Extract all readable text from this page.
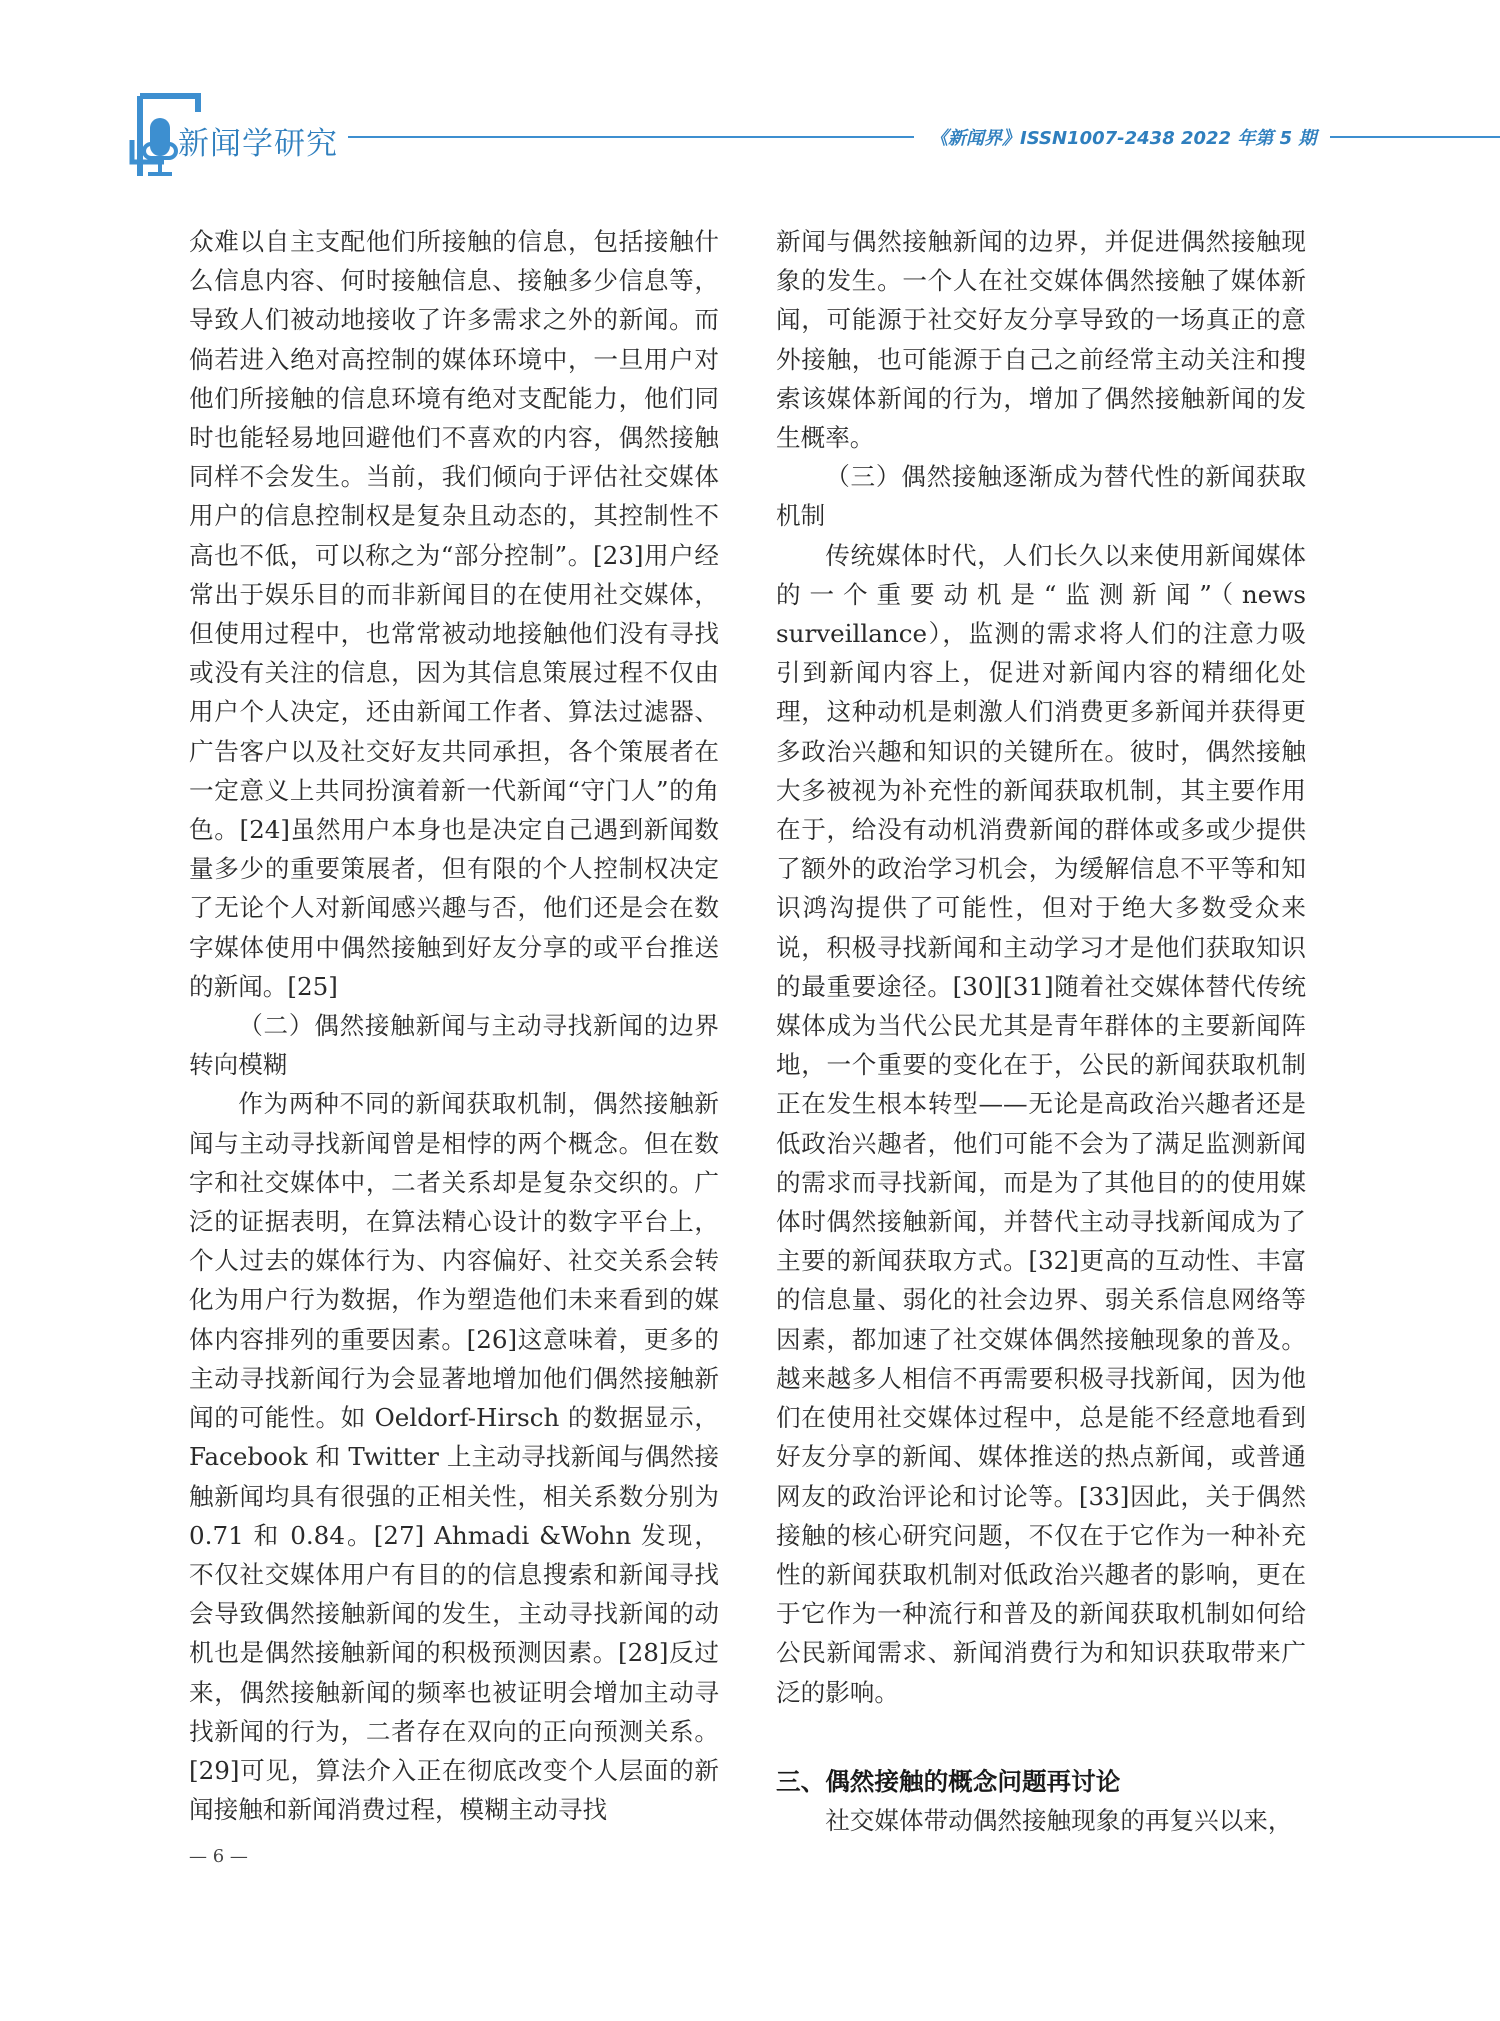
新闻学研究	《新闻界》ISSN1007-2438 2022 年第 5 期

众难以自主支配他们所接触的信息，包括接触什么信息内容、何时接触信息、接触多少信息等，导致人们被动地接收了许多需求之外的新闻。而倘若进入绝对高控制的媒体环境中，一旦用户对他们所接触的信息环境有绝对支配能力，他们同时也能轻易地回避他们不喜欢的内容，偶然接触同样不会发生。当前，我们倾向于评估社交媒体用户的信息控制权是复杂且动态的，其控制性不高也不低，可以称之为“部分控制”。[23]用户经常出于娱乐目的而非新闻目的在使用社交媒体，但使用过程中，也常常被动地接触他们没有寻找或没有关注的信息，因为其信息策展过程不仅由用户个人决定，还由新闻工作者、算法过滤器、广告客户以及社交好友共同承担，各个策展者在一定意义上共同扮演着新一代新闻“守门人”的角色。[24]虽然用户本身也是决定自己遇到新闻数量多少的重要策展者，但有限的个人控制权决定了无论个人对新闻感兴趣与否，他们还是会在数字媒体使用中偶然接触到好友分享的或平台推送的新闻。[25]

（二）偶然接触新闻与主动寻找新闻的边界转向模糊

作为两种不同的新闻获取机制，偶然接触新闻与主动寻找新闻曾是相悖的两个概念。但在数字和社交媒体中，二者关系却是复杂交织的。广泛的证据表明，在算法精心设计的数字平台上，个人过去的媒体行为、内容偏好、社交关系会转化为用户行为数据，作为塑造他们未来看到的媒体内容排列的重要因素。[26]这意味着，更多的主动寻找新闻行为会显著地增加他们偶然接触新闻的可能性。如 Oeldorf-Hirsch 的数据显示，Facebook 和 Twitter 上主动寻找新闻与偶然接触新闻均具有很强的正相关性，相关系数分别为 0.71 和 0.84。[27] Ahmadi &Wohn 发现，不仅社交媒体用户有目的的信息搜索和新闻寻找会导致偶然接触新闻的发生，主动寻找新闻的动机也是偶然接触新闻的积极预测因素。[28]反过来，偶然接触新闻的频率也被证明会增加主动寻找新闻的行为，二者存在双向的正向预测关系。[29]可见，算法介入正在彻底改变个人层面的新闻接触和新闻消费过程，模糊主动寻找

新闻与偶然接触新闻的边界，并促进偶然接触现象的发生。一个人在社交媒体偶然接触了媒体新闻，可能源于社交好友分享导致的一场真正的意外接触，也可能源于自己之前经常主动关注和搜索该媒体新闻的行为，增加了偶然接触新闻的发生概率。

（三）偶然接触逐渐成为替代性的新闻获取机制

传统媒体时代，人们长久以来使用新闻媒体的一个重要动机是“监测新闻”（news surveillance），监测的需求将人们的注意力吸引到新闻内容上，促进对新闻内容的精细化处理，这种动机是刺激人们消费更多新闻并获得更多政治兴趣和知识的关键所在。彼时，偶然接触大多被视为补充性的新闻获取机制，其主要作用在于，给没有动机消费新闻的群体或多或少提供了额外的政治学习机会，为缓解信息不平等和知识鸿沟提供了可能性，但对于绝大多数受众来说，积极寻找新闻和主动学习才是他们获取知识的最重要途径。[30][31]随着社交媒体替代传统媒体成为当代公民尤其是青年群体的主要新闻阵地，一个重要的变化在于，公民的新闻获取机制正在发生根本转型——无论是高政治兴趣者还是低政治兴趣者，他们可能不会为了满足监测新闻的需求而寻找新闻，而是为了其他目的的使用媒体时偶然接触新闻，并替代主动寻找新闻成为了主要的新闻获取方式。[32]更高的互动性、丰富的信息量、弱化的社会边界、弱关系信息网络等因素，都加速了社交媒体偶然接触现象的普及。越来越多人相信不再需要积极寻找新闻，因为他们在使用社交媒体过程中，总是能不经意地看到好友分享的新闻、媒体推送的热点新闻，或普通网友的政治评论和讨论等。[33]因此，关于偶然接触的核心研究问题，不仅在于它作为一种补充性的新闻获取机制对低政治兴趣者的影响，更在于它作为一种流行和普及的新闻获取机制如何给公民新闻需求、新闻消费行为和知识获取带来广泛的影响。

三、偶然接触的概念问题再讨论

社交媒体带动偶然接触现象的再复兴以来，

— 6 —
